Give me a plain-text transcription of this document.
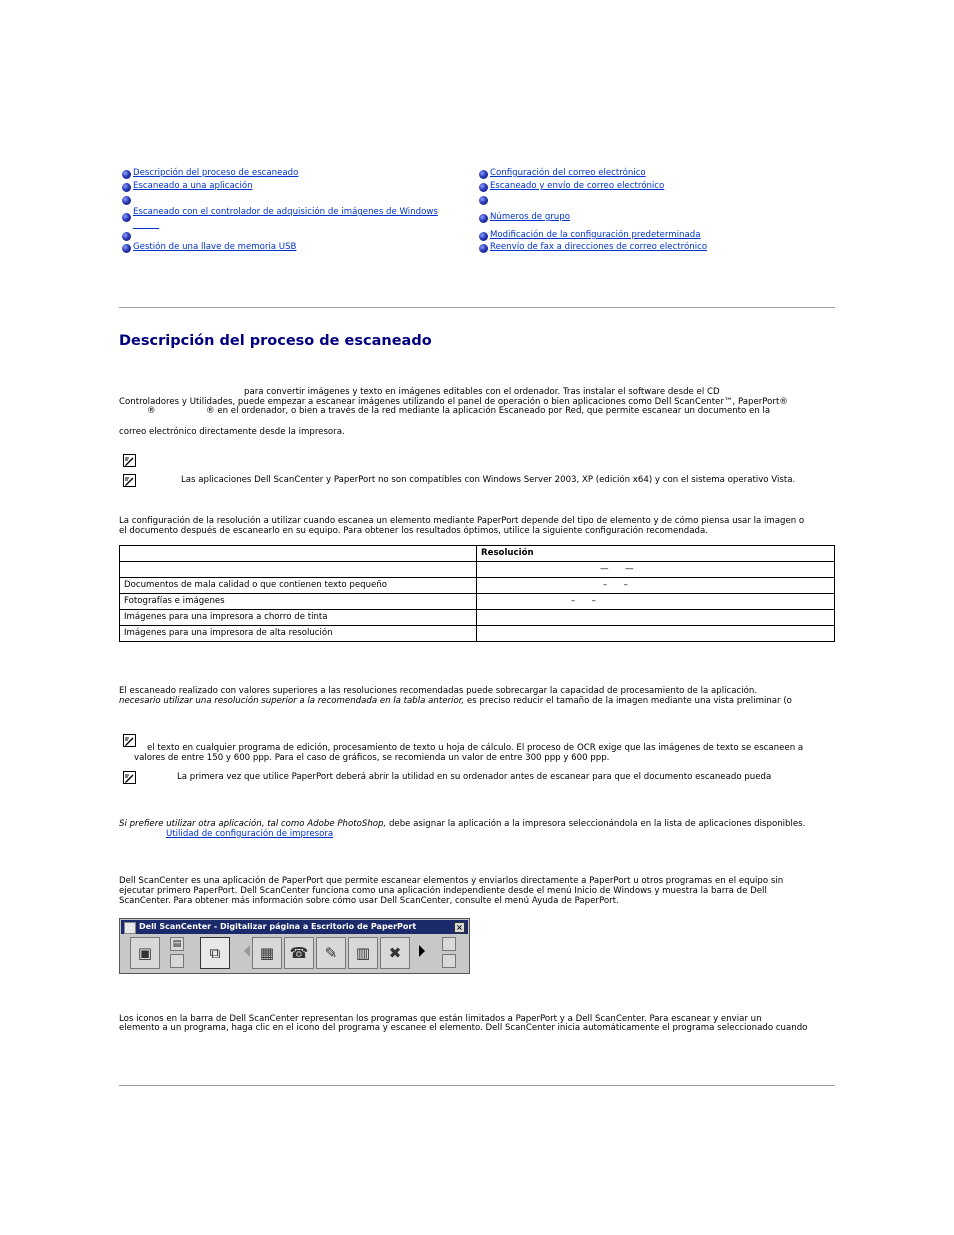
Descripción del proceso de escaneado
Escaneado a una aplicación
Escaneado con el controlador de adquisición de imágenes de Windows
Gestión de una llave de memoria USB
Configuración del correo electrónico
Escaneado y envío de correo electrónico
Números de grupo
Modificación de la configuración predeterminada
Reenvío de fax a direcciones de correo electrónico
Descripción del proceso de escaneado
para convertir imágenes y texto en imágenes editables con el ordenador. Tras instalar el software desde el CD
Controladores y Utilidades, puede empezar a escanear imágenes utilizando el panel de operación o bien aplicaciones como Dell ScanCenter™, PaperPort®
®	® en el ordenador, o bien a través de la red mediante la aplicación Escaneado por Red, que permite escanear un documento en la
correo electrónico directamente desde la impresora.
Las aplicaciones Dell ScanCenter y PaperPort no son compatibles con Windows Server 2003, XP (edición x64) y con el sistema operativo Vista.
La configuración de la resolución a utilizar cuando escanea un elemento mediante PaperPort depende del tipo de elemento y de cómo piensa usar la imagen o
el documento después de escanearlo en su equipo. Para obtener los resultados óptimos, utilice la siguiente configuración recomendada.
	Resolución
	—      —
Documentos de mala calidad o que contienen texto pequeño	–      –
Fotografías e imágenes	–      –
Imágenes para una impresora a chorro de tinta	
Imágenes para una impresora de alta resolución	
El escaneado realizado con valores superiores a las resoluciones recomendadas puede sobrecargar la capacidad de procesamiento de la aplicación.
necesario utilizar una resolución superior a la recomendada en la tabla anterior, es preciso reducir el tamaño de la imagen mediante una vista preliminar (o
el texto en cualquier programa de edición, procesamiento de texto u hoja de cálculo. El proceso de OCR exige que las imágenes de texto se escaneen a
valores de entre 150 y 600 ppp. Para el caso de gráficos, se recomienda un valor de entre 300 ppp y 600 ppp.
La primera vez que utilice PaperPort deberá abrir la utilidad en su ordenador antes de escanear para que el documento escaneado pueda
Si prefiere utilizar otra aplicación, tal como Adobe PhotoShop, debe asignar la aplicación a la impresora seleccionándola en la lista de aplicaciones disponibles.
Utilidad de configuración de impresora
Dell ScanCenter es una aplicación de PaperPort que permite escanear elementos y enviarlos directamente a PaperPort u otros programas en el equipo sin
ejecutar primero PaperPort. Dell ScanCenter funciona como una aplicación independiente desde el menú Inicio de Windows y muestra la barra de Dell
ScanCenter. Para obtener más información sobre cómo usar Dell ScanCenter, consulte el menú Ayuda de PaperPort.
Dell ScanCenter - Digitalizar página a Escritorio de PaperPort	×
▣	▤	⧉	▦	☎	✎	▥	✖
Los iconos en la barra de Dell ScanCenter representan los programas que están limitados a PaperPort y a Dell ScanCenter. Para escanear y enviar un
elemento a un programa, haga clic en el icono del programa y escanee el elemento. Dell ScanCenter inicia automáticamente el programa seleccionado cuando
